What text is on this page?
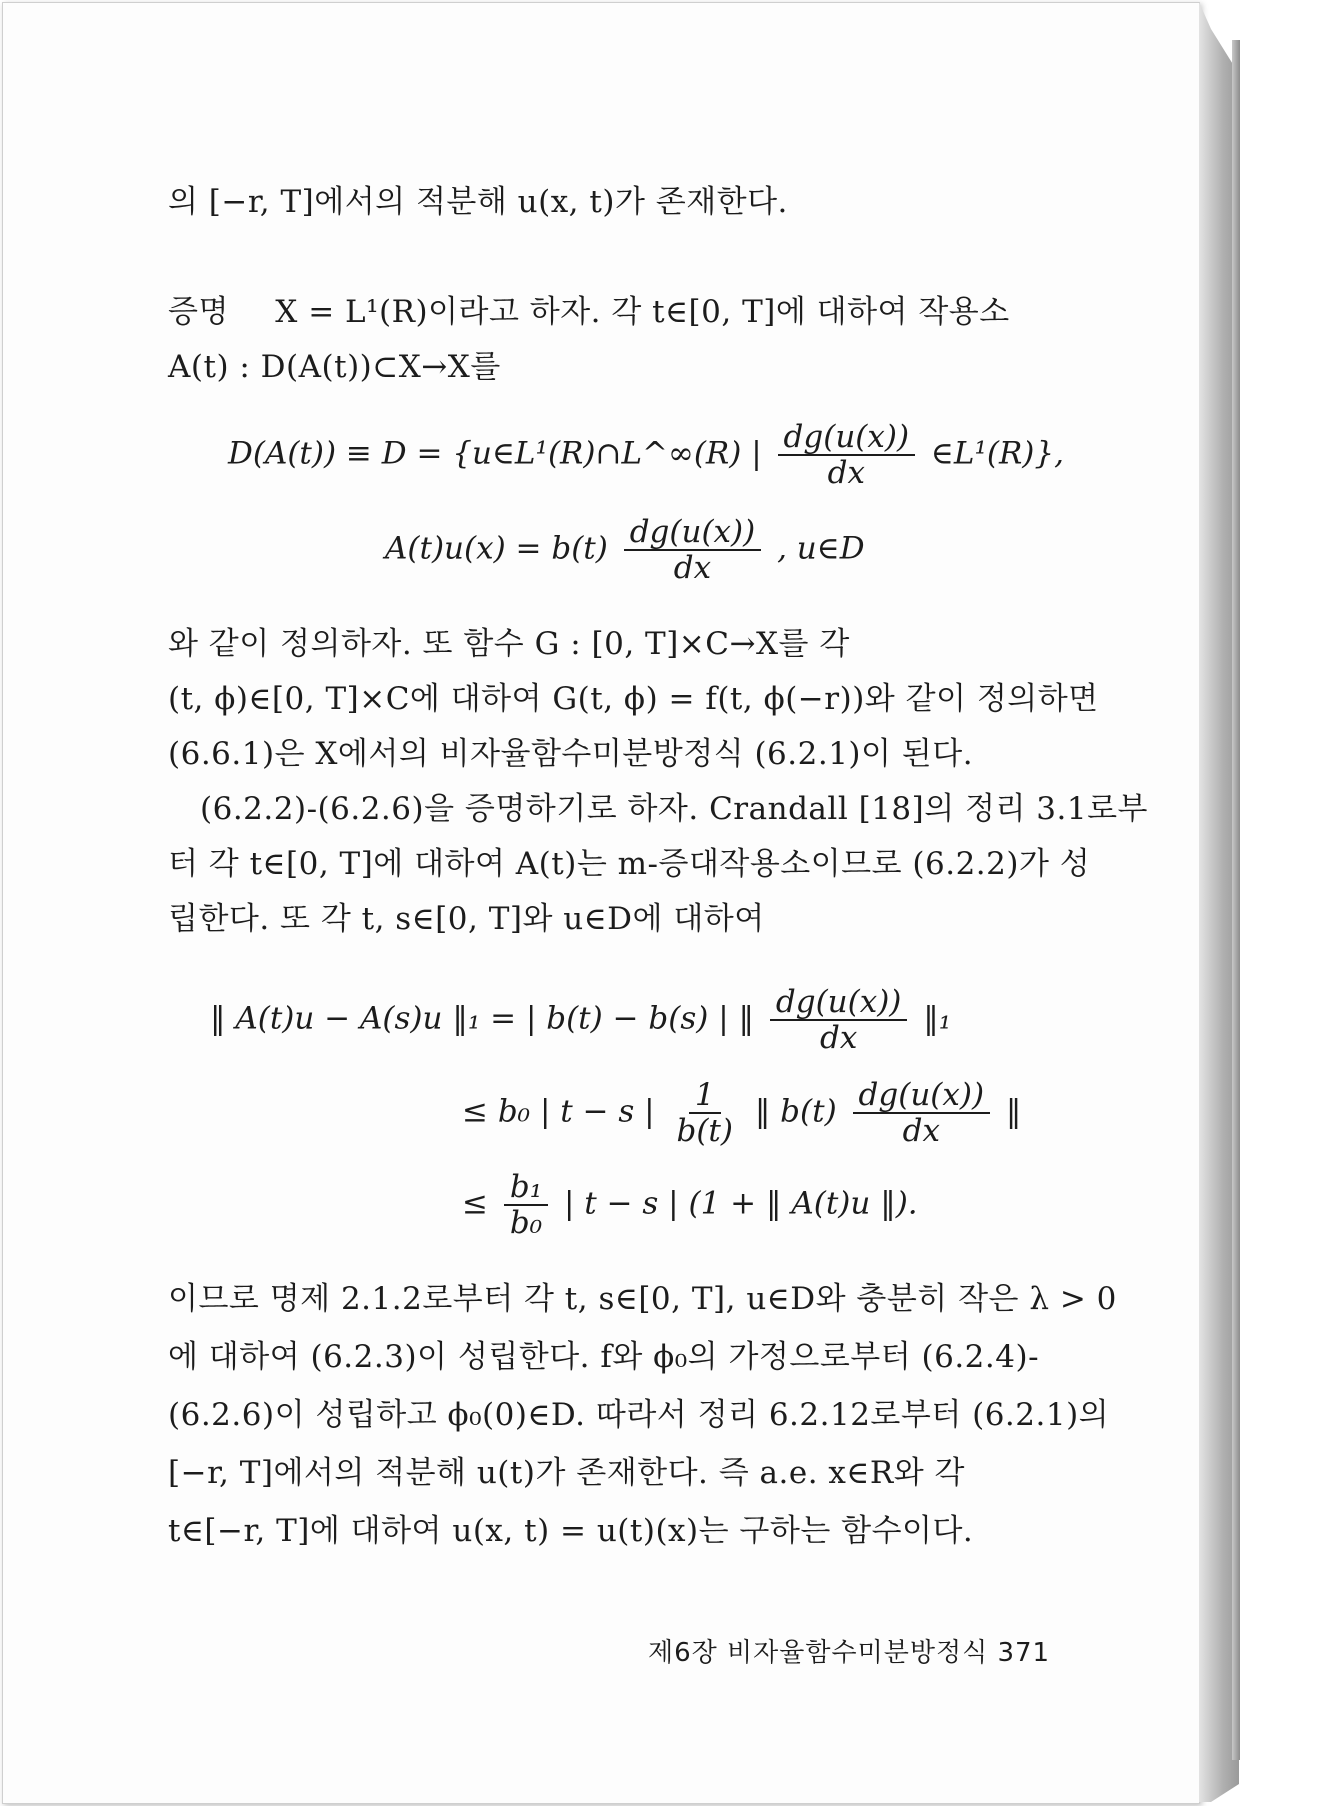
의 [−r, T]에서의 적분해 u(x, t)가 존재한다.
증명 X = L¹(R)이라고 하자. 각 t∈[0, T]에 대하여 작용소
A(t) : D(A(t))⊂X→X를
D(A(t)) ≡ D = {u∈L¹(R)∩L^∞(R) | $\frac{dg(u(x))}{dx}$ ∈L¹(R)},
$A(t)u(x) = b(t) \frac{dg(u(x))}{dx}$ , u∈D
와 같이 정의하자. 또 함수 G : [0, T]×C→X를 각
(t, ϕ)∈[0, T]×C에 대하여 G(t, ϕ) = f(t, ϕ(−r))와 같이 정의하면
(6.6.1)은 X에서의 비자율함수미분방정식 (6.2.1)이 된다.
(6.2.2)-(6.2.6)을 증명하기로 하자. Crandall [18]의 정리 3.1로부
터 각 t∈[0, T]에 대하여 A(t)는 m-증대작용소이므로 (6.2.2)가 성
립한다. 또 각 t, s∈[0, T]와 u∈D에 대하여
‖ A(t)u − A(s)u ‖₁ = | b(t) − b(s) | ‖ $\frac{dg(u(x))}{dx}$ ‖₁
≤ b₀ | t − s | $\frac{1}{b(t)}$ ‖ $b(t) \frac{dg(u(x))}{dx}$ ‖
≤ $\frac{\text{b₁}}{\text{b₀}}$ | t − s | (1 + ‖ A(t)u ‖).
이므로 명제 2.1.2로부터 각 t, s∈[0, T], u∈D와 충분히 작은 λ > 0
에 대하여 (6.2.3)이 성립한다. f와 ϕ₀의 가정으로부터 (6.2.4)-
(6.2.6)이 성립하고 ϕ₀(0)∈D. 따라서 정리 6.2.12로부터 (6.2.1)의
[−r, T]에서의 적분해 u(t)가 존재한다. 즉 a.e. x∈R와 각
t∈[−r, T]에 대하여 u(x, t) = u(t)(x)는 구하는 함수이다.
제6장 비자율함수미분방정식 371
